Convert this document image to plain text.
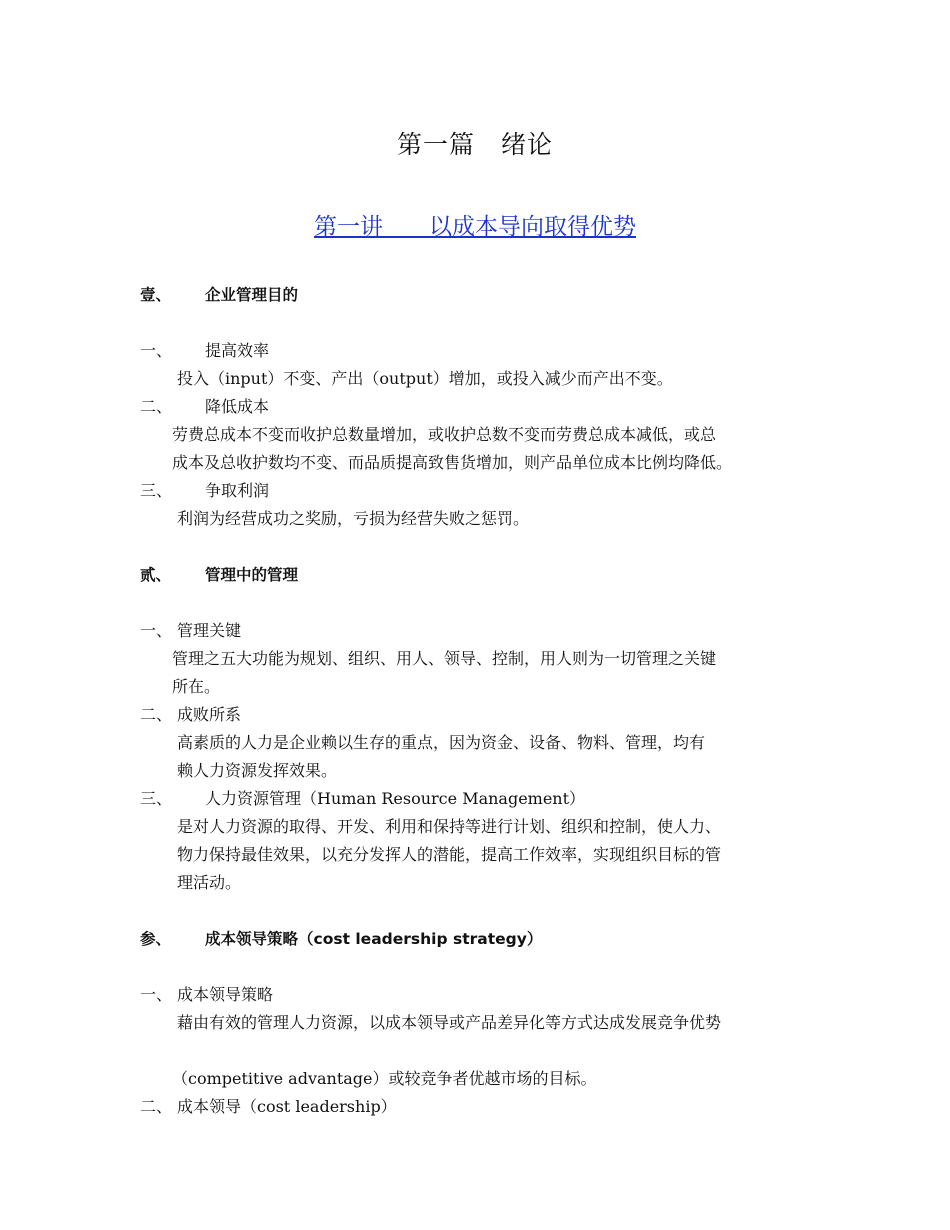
第一篇　绪论
第一讲　　以成本导向取得优势
壹、 企业管理目的
一、 提高效率
投入（input）不变、产出（output）增加，或投入减少而产出不变。
二、 降低成本
劳费总成本不变而收护总数量增加，或收护总数不变而劳费总成本减低，或总
成本及总收护数均不变、而品质提高致售货增加，则产品单位成本比例均降低。
三、 争取利润
利润为经营成功之奖励，亏损为经营失败之惩罚。
贰、 管理中的管理
一、 管理关键
管理之五大功能为规划、组织、用人、领导、控制，用人则为一切管理之关键
所在。
二、 成败所系
高素质的人力是企业赖以生存的重点，因为资金、设备、物料、管理，均有
赖人力资源发挥效果。
三、 人力资源管理（Human Resource Management）
是对人力资源的取得、开发、利用和保持等进行计划、组织和控制，使人力、
物力保持最佳效果，以充分发挥人的潜能，提高工作效率，实现组织目标的管
理活动。
参、 成本领导策略（cost leadership strategy）
一、 成本领导策略
藉由有效的管理人力资源，以成本领导或产品差异化等方式达成发展竞争优势
（competitive advantage）或较竞争者优越市场的目标。
二、 成本领导（cost leadership）
